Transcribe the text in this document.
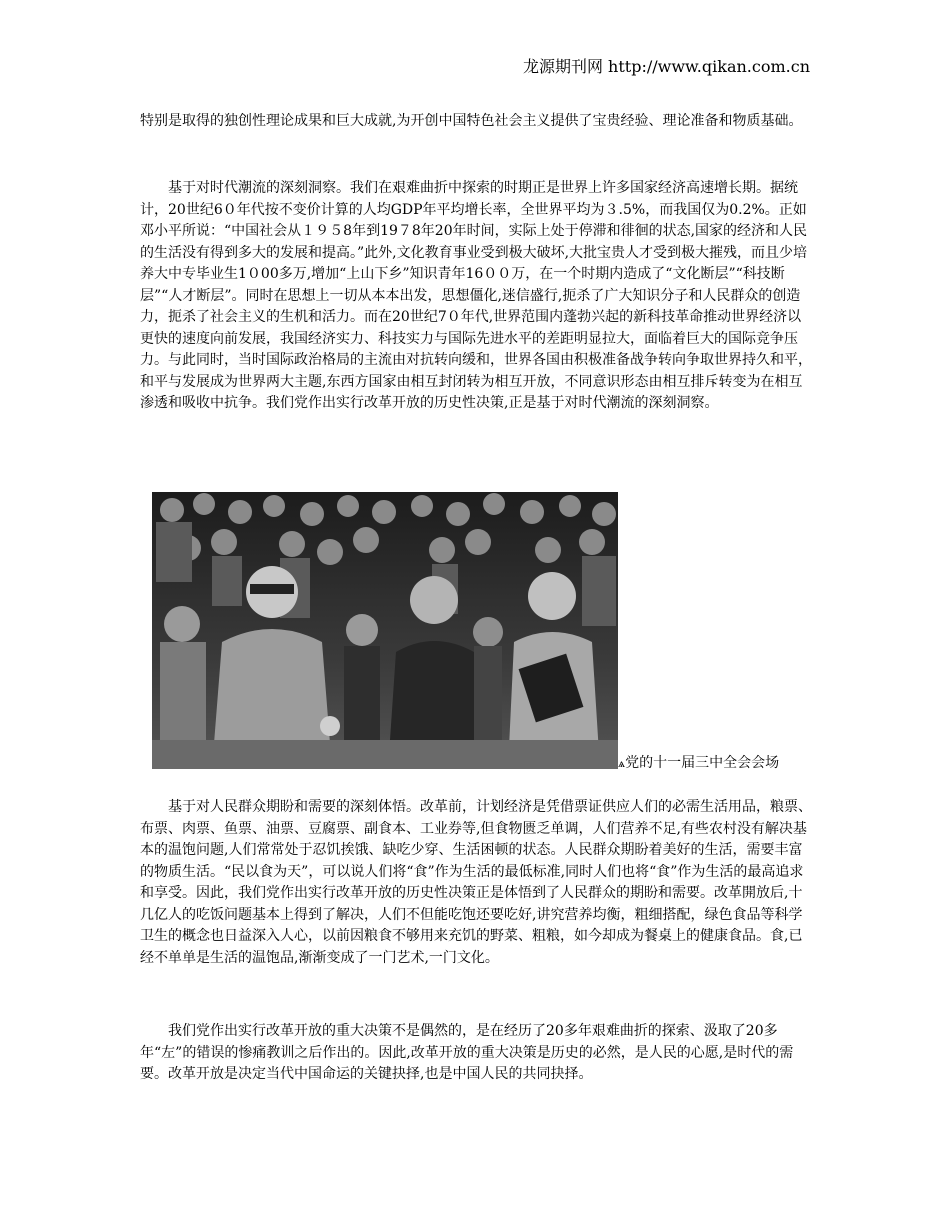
龙源期刊网 http://www.qikan.com.cn

特别是取得的独创性理论成果和巨大成就,为开创中国特色社会主义提供了宝贵经验、理论准备和物质基础。

基于对时代潮流的深刻洞察。我们在艰难曲折中探索的时期正是世界上许多国家经济高速增长期。据统计，20世纪6０年代按不变价计算的人均GDP年平均增长率，全世界平均为３.5%，而我国仅为0.2%。正如邓小平所说：“中国社会从１９５8年到19７8年20年时间，实际上处于停滞和徘徊的状态,国家的经济和人民的生活没有得到多大的发展和提高。”此外,文化教育事业受到极大破坏,大批宝贵人才受到极大摧残，而且少培养大中专毕业生1０00多万,增加“上山下乡”知识青年16００万，在一个时期内造成了“文化断层”“科技断层”“人才断层”。同时在思想上一切从本本出发，思想僵化,迷信盛行,扼杀了广大知识分子和人民群众的创造力，扼杀了社会主义的生机和活力。而在20世纪7０年代,世界范围内蓬勃兴起的新科技革命推动世界经济以更快的速度向前发展，我国经济实力、科技实力与国际先进水平的差距明显拉大，面临着巨大的国际竞争压力。与此同时，当时国际政治格局的主流由对抗转向缓和，世界各国由积极准备战争转向争取世界持久和平，和平与发展成为世界两大主题,东西方国家由相互封闭转为相互开放，不同意识形态由相互排斥转变为在相互渗透和吸收中抗争。我们党作出实行改革开放的历史性决策,正是基于对时代潮流的深刻洞察。

ѧ党的十一届三中全会会场

基于对人民群众期盼和需要的深刻体悟。改革前，计划经济是凭借票证供应人们的必需生活用品，粮票、布票、肉票、鱼票、油票、豆腐票、副食本、工业券等,但食物匮乏单调，人们营养不足,有些农村没有解决基本的温饱问题,人们常常处于忍饥挨饿、缺吃少穿、生活困顿的状态。人民群众期盼着美好的生活，需要丰富的物质生活。“民以食为天”，可以说人们将“食”作为生活的最低标准,同时人们也将“食”作为生活的最高追求和享受。因此，我们党作出实行改革开放的历史性决策正是体悟到了人民群众的期盼和需要。改革開放后,十几亿人的吃饭问题基本上得到了解决，人们不但能吃饱还要吃好,讲究营养均衡，粗细搭配，绿色食品等科学卫生的概念也日益深入人心，以前因粮食不够用来充饥的野菜、粗粮，如今却成为餐桌上的健康食品。食,已经不单单是生活的温饱品,渐渐变成了一门艺术,一门文化。

我们党作出实行改革开放的重大决策不是偶然的，是在经历了20多年艰难曲折的探索、汲取了20多年“左”的错误的惨痛教训之后作出的。因此,改革开放的重大决策是历史的必然，是人民的心愿,是时代的需要。改革开放是决定当代中国命运的关键抉择,也是中国人民的共同抉择。
